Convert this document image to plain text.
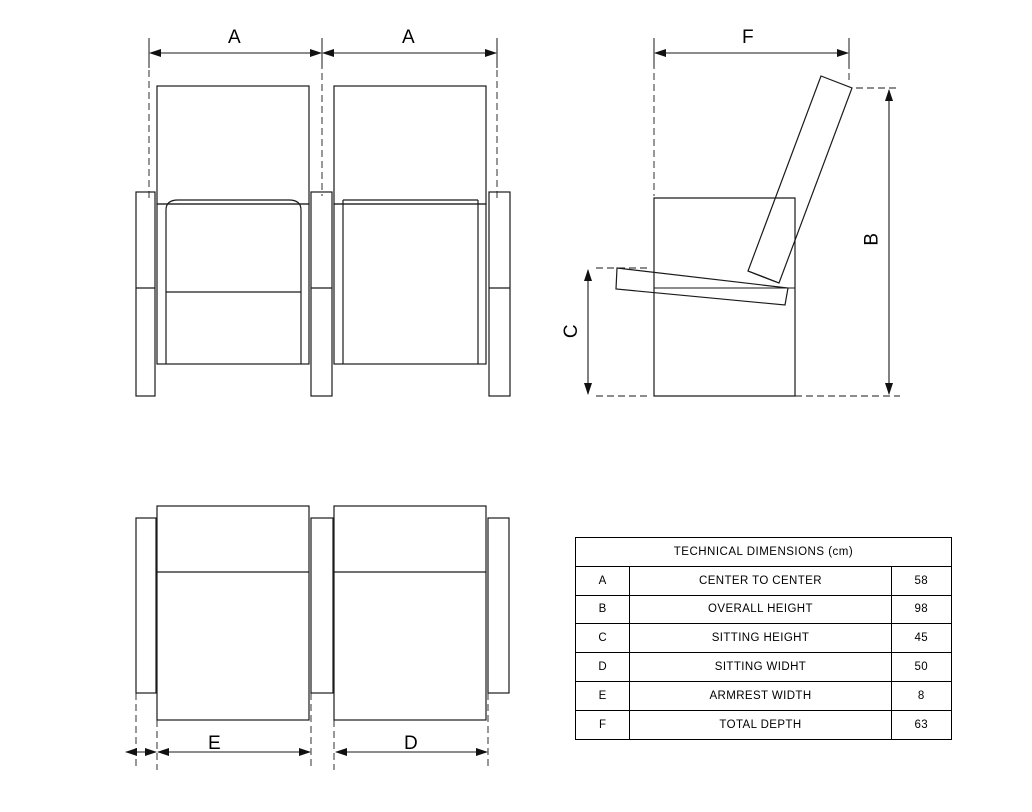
A	A	F
B
C
E	D
TECHNICAL DIMENSIONS (cm)		
A	CENTER TO CENTER	58
B	OVERALL HEIGHT	98
C	SITTING HEIGHT	45
D	SITTING WIDHT	50
E	ARMREST WIDTH	8
F	TOTAL DEPTH	63
